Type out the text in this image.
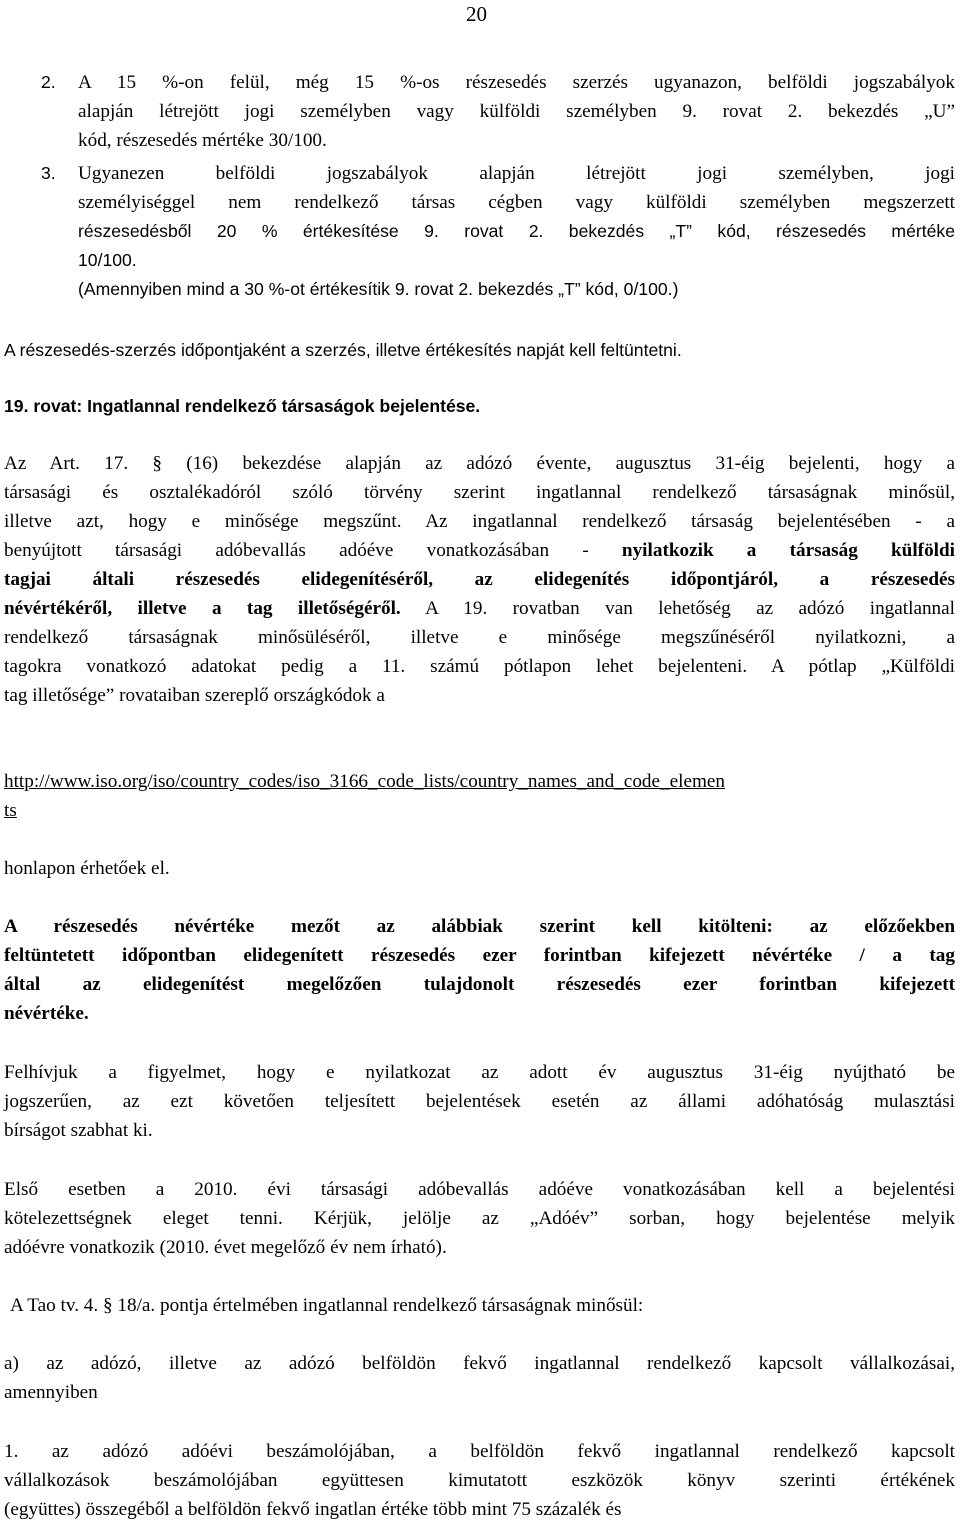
20
2. A 15 %-on felül, még 15 %-os részesedés szerzés ugyanazon, belföldi jogszabályok
alapján létrejött jogi személyben vagy külföldi személyben 9. rovat 2. bekezdés „U”
kód, részesedés mértéke 30/100.
3. Ugyanezen belföldi jogszabályok alapján létrejött jogi személyben, jogi
személyiséggel nem rendelkező társas cégben vagy külföldi személyben megszerzett
részesedésből 20 % értékesítése 9. rovat 2. bekezdés „T” kód, részesedés mértéke
10/100.
(Amennyiben mind a 30 %-ot értékesítik 9. rovat 2. bekezdés „T” kód, 0/100.)
A részesedés-szerzés időpontjaként a szerzés, illetve értékesítés napját kell feltüntetni.
19. rovat: Ingatlannal rendelkező társaságok bejelentése.
Az Art. 17. § (16) bekezdése alapján az adózó évente, augusztus 31-éig bejelenti, hogy a
társasági és osztalékadóról szóló törvény szerint ingatlannal rendelkező társaságnak minősül,
illetve azt, hogy e minősége megszűnt. Az ingatlannal rendelkező társaság bejelentésében - a
benyújtott társasági adóbevallás adóéve vonatkozásában - nyilatkozik a társaság külföldi
tagjai általi részesedés elidegenítéséről, az elidegenítés időpontjáról, a részesedés
névértékéről, illetve a tag illetőségéről. A 19. rovatban van lehetőség az adózó ingatlannal
rendelkező társaságnak minősüléséről, illetve e minősége megszűnéséről nyilatkozni, a
tagokra vonatkozó adatokat pedig a 11. számú pótlapon lehet bejelenteni. A pótlap „Külföldi
tag illetősége” rovataiban szereplő országkódok a
http://www.iso.org/iso/country_codes/iso_3166_code_lists/country_names_and_code_elemen
ts
honlapon érhetőek el.
A részesedés névértéke mezőt az alábbiak szerint kell kitölteni: az előzőekben
feltüntetett időpontban elidegenített részesedés ezer forintban kifejezett névértéke / a tag
által az elidegenítést megelőzően tulajdonolt részesedés ezer forintban kifejezett
névértéke.
Felhívjuk a figyelmet, hogy e nyilatkozat az adott év augusztus 31-éig nyújtható be
jogszerűen, az ezt követően teljesített bejelentések esetén az állami adóhatóság mulasztási
bírságot szabhat ki.
Első esetben a 2010. évi társasági adóbevallás adóéve vonatkozásában kell a bejelentési
kötelezettségnek eleget tenni. Kérjük, jelölje az „Adóév” sorban, hogy bejelentése melyik
adóévre vonatkozik (2010. évet megelőző év nem írható).
A Tao tv. 4. § 18/a. pontja értelmében ingatlannal rendelkező társaságnak minősül:
a) az adózó, illetve az adózó belföldön fekvő ingatlannal rendelkező kapcsolt vállalkozásai,
amennyiben
1. az adózó adóévi beszámolójában, a belföldön fekvő ingatlannal rendelkező kapcsolt
vállalkozások beszámolójában együttesen kimutatott eszközök könyv szerinti értékének
(együttes) összegéből a belföldön fekvő ingatlan értéke több mint 75 százalék és
